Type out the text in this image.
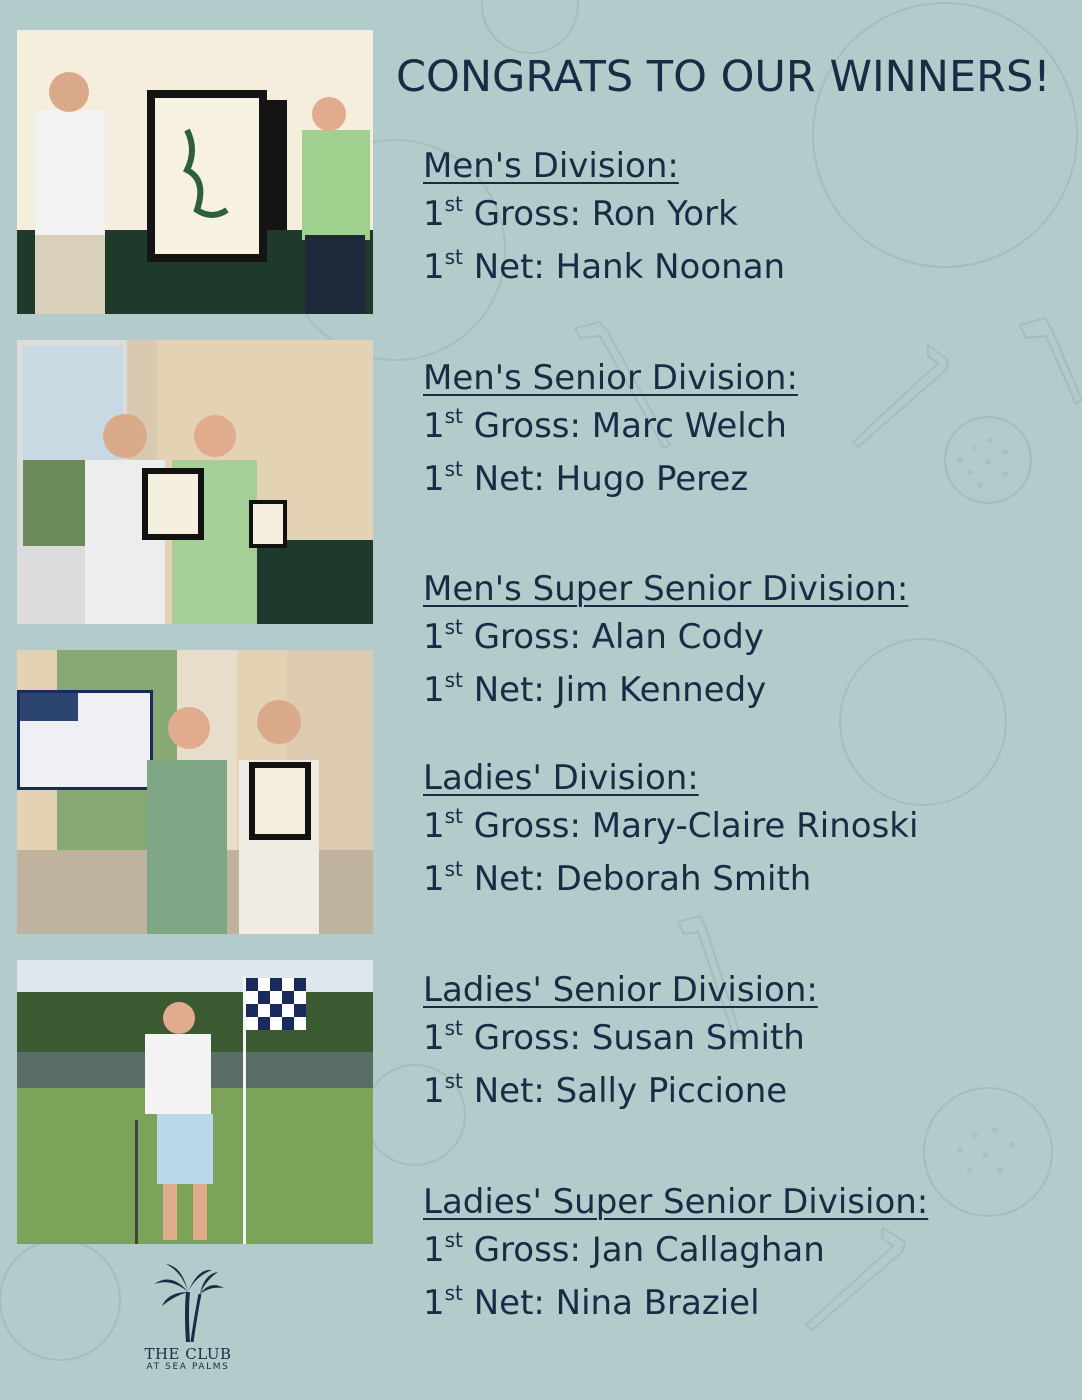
THE CLUB
AT SEA PALMS
CONGRATS TO OUR WINNERS!
Men's Division:
1st Gross: Ron York
1st Net: Hank Noonan
Men's Senior Division:
1st Gross: Marc Welch
1st Net: Hugo Perez
Men's Super Senior Division:
1st Gross: Alan Cody
1st Net: Jim Kennedy
Ladies' Division:
1st Gross: Mary-Claire Rinoski
1st Net: Deborah Smith
Ladies' Senior Division:
1st Gross: Susan Smith
1st Net: Sally Piccione
Ladies' Super Senior Division:
1st Gross: Jan Callaghan
1st Net: Nina Braziel
